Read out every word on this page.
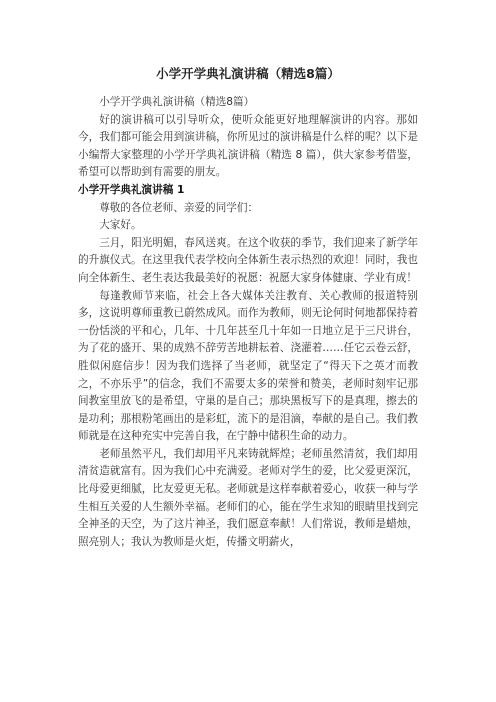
小学开学典礼演讲稿（精选8篇）

小学开学典礼演讲稿（精选8篇）

好的演讲稿可以引导听众，使听众能更好地理解演讲的内容。那如今，我们都可能会用到演讲稿，你所见过的演讲稿是什么样的呢？以下是小编帮大家整理的小学开学典礼演讲稿（精选 8 篇），供大家参考借鉴，希望可以帮助到有需要的朋友。

小学开学典礼演讲稿 1

尊敬的各位老师、亲爱的同学们：

大家好。

三月，阳光明媚，春风送爽。在这个收获的季节，我们迎来了新学年的升旗仪式。在这里我代表学校向全体新生表示热烈的欢迎！同时，我也向全体新生、老生表达我最美好的祝愿：祝愿大家身体健康、学业有成！

每逢教师节来临，社会上各大媒体关注教育、关心教师的报道特别多，这说明尊师重教已蔚然成风。而作为教师，则无论何时何地都保持着一份恬淡的平和心，几年、十几年甚至几十年如一日地立足于三尺讲台，为了花的盛开、果的成熟不辞劳苦地耕耘着、浇灌着……任它云卷云舒，胜似闲庭信步！因为我们选择了当老师，就坚定了“得天下之英才而教之，不亦乐乎”的信念，我们不需要太多的荣誉和赞美，老师时刻牢记那间教室里放飞的是希望，守巢的是自己；那块黑板写下的是真理，擦去的是功利；那根粉笔画出的是彩虹，流下的是泪滴，奉献的是自己。我们教师就是在这种充实中完善自我，在宁静中储积生命的动力。

老师虽然平凡，我们却用平凡来铸就辉煌；老师虽然清贫，我们却用清贫造就富有。因为我们心中充满爱。老师对学生的爱，比父爱更深沉，比母爱更细腻，比友爱更无私。老师就是这样奉献着爱心，收获一种与学生相互关爱的人生额外幸福。老师们的心，能在学生求知的眼睛里找到完全神圣的天空，为了这片神圣，我们愿意奉献！人们常说，教师是蜡烛，照亮别人；我认为教师是火炬，传播文明薪火，
